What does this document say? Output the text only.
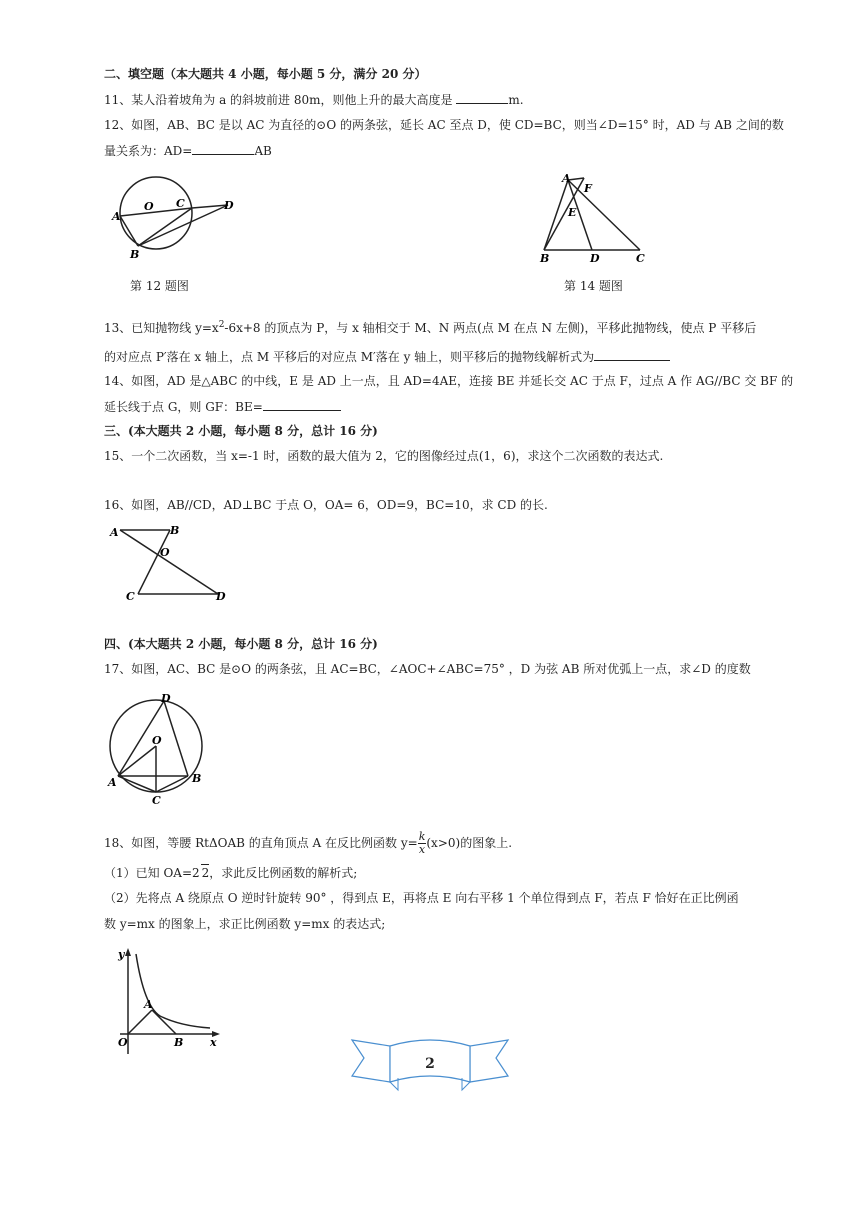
二、填空题（本大题共 4 小题，每小题 5 分，满分 20 分）
11、某人沿着坡角为 a 的斜坡前进 80m，则他上升的最大高度是	m.
12、如图，AB、BC 是以 AC 为直径的⊙O 的两条弦，延长 AC 至点 D，使 CD=BC，则当∠D=15° 时，AD 与 AB 之间的数
量关系为：AD=	AB
A
O C	D
B
第 12 题图
A
F
E
B	D	C
第 14 题图
13、已知抛物线 $y=x^2-6x+8$ 的顶点为 P，与 x 轴相交于 M、N 两点(点 M 在点 N 左侧)，平移此抛物线，使点 P 平移后
的对应点 P′落在 x 轴上，点 M 平移后的对应点 M′落在 y 轴上，则平移后的抛物线解析式为
14、如图，AD 是△ABC 的中线，E 是 AD 上一点，且 AD=4AE，连接 BE 并延长交 AC 于点 F，过点 A 作 AG//BC 交 BF 的
延长线于点 G，则 GF：BE=
三、(本大题共 2 小题，每小题 8 分，总计 16 分)
15、一个二次函数，当 x=-1 时，函数的最大值为 2，它的图像经过点(1，6)，求这个二次函数的表达式.
16、如图，AB//CD，AD⊥BC 于点 O，OA= 6，OD=9，BC=10，求 CD 的长.
A	B
O
C	D
四、(本大题共 2 小题，每小题 8 分，总计 16 分)
17、如图，AC、BC 是⊙O 的两条弦，且 AC=BC，∠AOC+∠ABC=75° ，D 为弦 AB 所对优弧上一点，求∠D 的度数
D
O
A	B
C
18、如图，等腰 RtΔOAB 的直角顶点 A 在反比例函数 $y= \frac{k}{x} (x>0)$的图象上.
（1）已知 OA=2 2，求此反比例函数的解析式;
（2）先将点 A 绕原点 O 逆时针旋转 90° ，得到点 E，再将点 E 向右平移 1 个单位得到点 F，若点 F 恰好在正比例函
数 y=mx 的图象上，求正比例函数 y=mx 的表达式;
y
A
O	B x
2
